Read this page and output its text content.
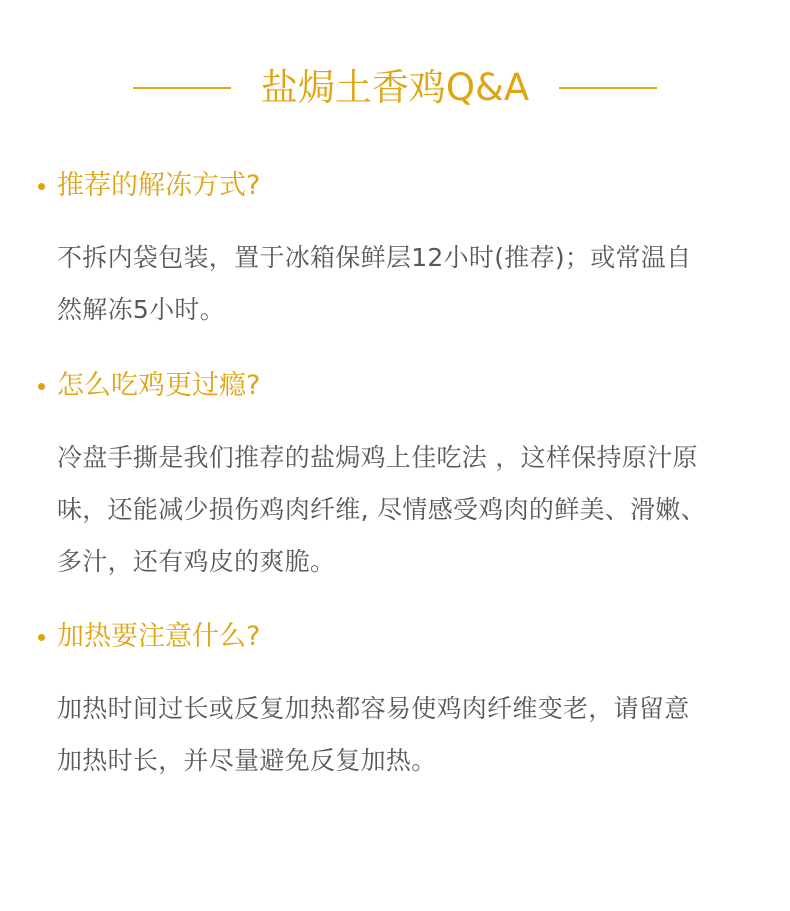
盐焗土香鸡Q&A
推荐的解冻方式?
不拆内袋包装，置于冰箱保鲜层12小时(推荐)；或常温自
然解冻5小时。
怎么吃鸡更过瘾?
冷盘手撕是我们推荐的盐焗鸡上佳吃法 ，这样保持原汁原
味，还能减少损伤鸡肉纤维, 尽情感受鸡肉的鲜美、滑嫩、
多汁，还有鸡皮的爽脆。
加热要注意什么?
加热时间过长或反复加热都容易使鸡肉纤维变老，请留意
加热时长，并尽量避免反复加热。
